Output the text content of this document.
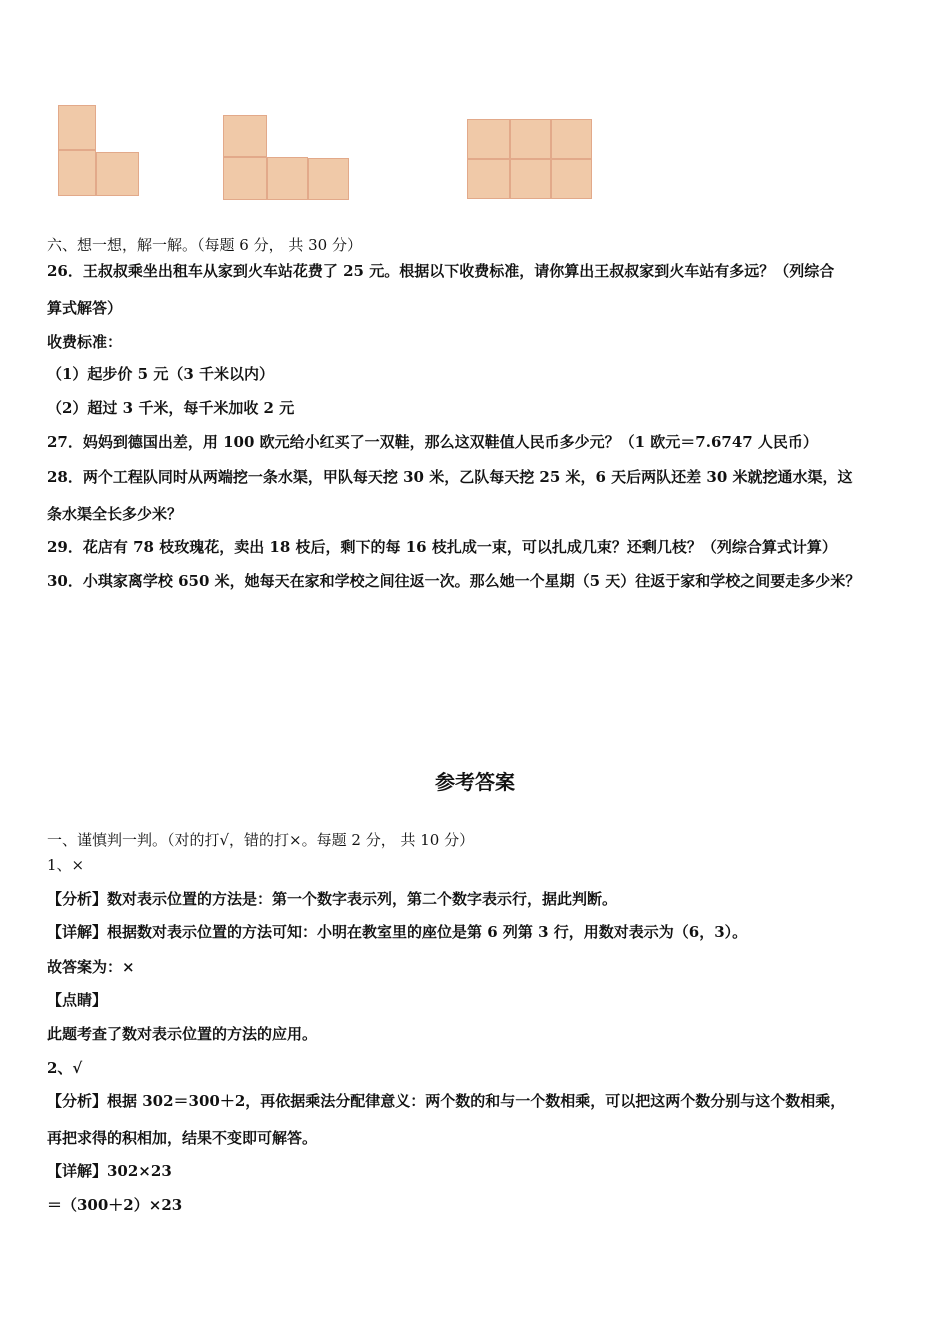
六、想一想，解一解。（每题 6 分， 共 30 分）
26．王叔叔乘坐出租车从家到火车站花费了 25 元。根据以下收费标准，请你算出王叔叔家到火车站有多远？（列综合
算式解答）
收费标准：
（1）起步价 5 元（3 千米以内）
（2）超过 3 千米，每千米加收 2 元
27．妈妈到德国出差，用 100 欧元给小红买了一双鞋，那么这双鞋值人民币多少元？（1 欧元＝7.6747 人民币）
28．两个工程队同时从两端挖一条水渠，甲队每天挖 30 米，乙队每天挖 25 米，6 天后两队还差 30 米就挖通水渠，这
条水渠全长多少米？
29．花店有 78 枝玫瑰花，卖出 18 枝后，剩下的每 16 枝扎成一束，可以扎成几束？还剩几枝？（列综合算式计算）
30．小琪家离学校 650 米，她每天在家和学校之间往返一次。那么她一个星期（5 天）往返于家和学校之间要走多少米？
参考答案
一、谨慎判一判。（对的打√，错的打×。每题 2 分， 共 10 分）
1、×
【分析】数对表示位置的方法是：第一个数字表示列，第二个数字表示行，据此判断。
【详解】根据数对表示位置的方法可知：小明在教室里的座位是第 6 列第 3 行，用数对表示为（6，3）。
故答案为：×
【点睛】
此题考查了数对表示位置的方法的应用。
2、√
【分析】根据 302＝300＋2，再依据乘法分配律意义：两个数的和与一个数相乘，可以把这两个数分别与这个数相乘，
再把求得的积相加，结果不变即可解答。
【详解】302×23
＝（300＋2）×23
